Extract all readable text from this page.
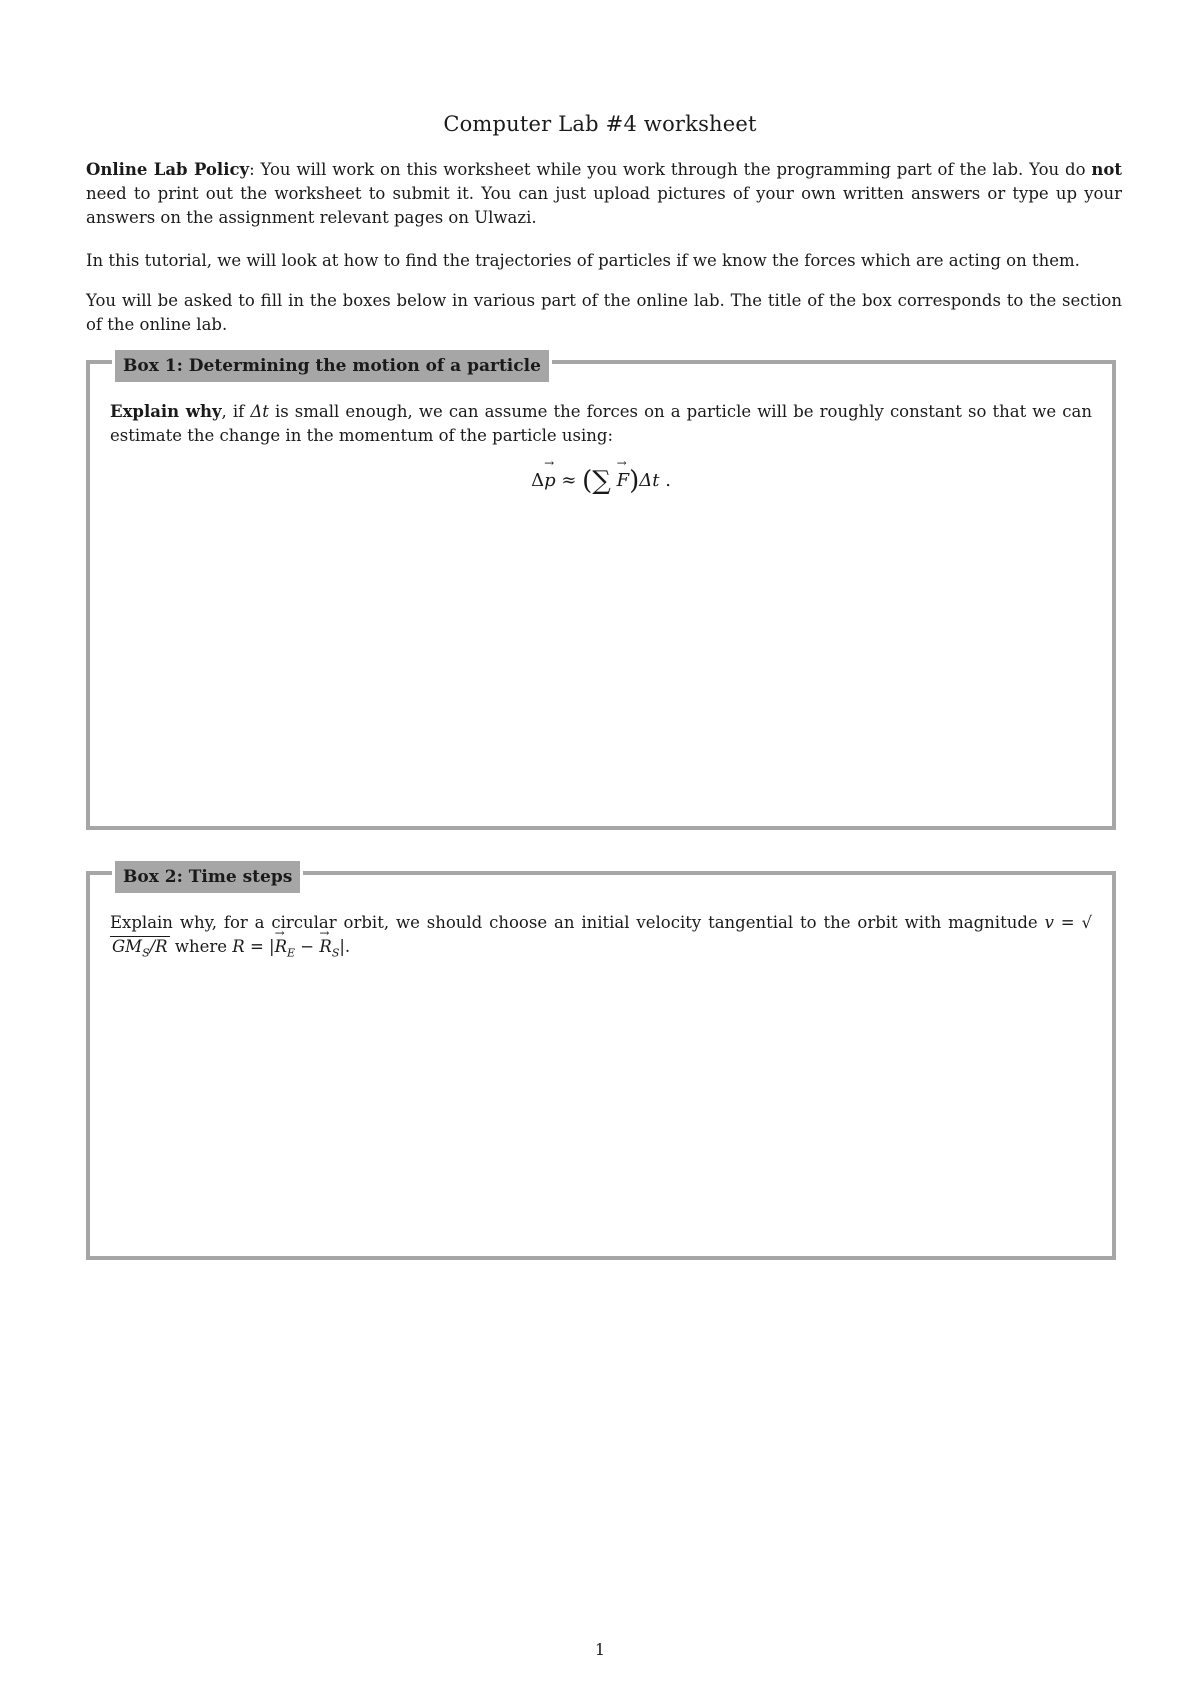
Computer Lab #4 worksheet

Online Lab Policy: You will work on this worksheet while you work through the programming part of the lab. You do not need to print out the worksheet to submit it. You can just upload pictures of your own written answers or type up your answers on the assignment relevant pages on Ulwazi.

In this tutorial, we will look at how to find the trajectories of particles if we know the forces which are acting on them.

You will be asked to fill in the boxes below in various part of the online lab. The title of the box corresponds to the section of the online lab.

Box 1: Determining the motion of a particle

Explain why, if Δt is small enough, we can assume the forces on a particle will be roughly constant so that we can estimate the change in the momentum of the particle using:

Δ→ p ≈ (∑ → F)Δt .
Box 2: Time steps

Explain why, for a circular orbit, we should choose an initial velocity tangential to the orbit with magnitude $v = √GM_S/R$ where R = |→ $R_E$ − → $R_S|$.

1
